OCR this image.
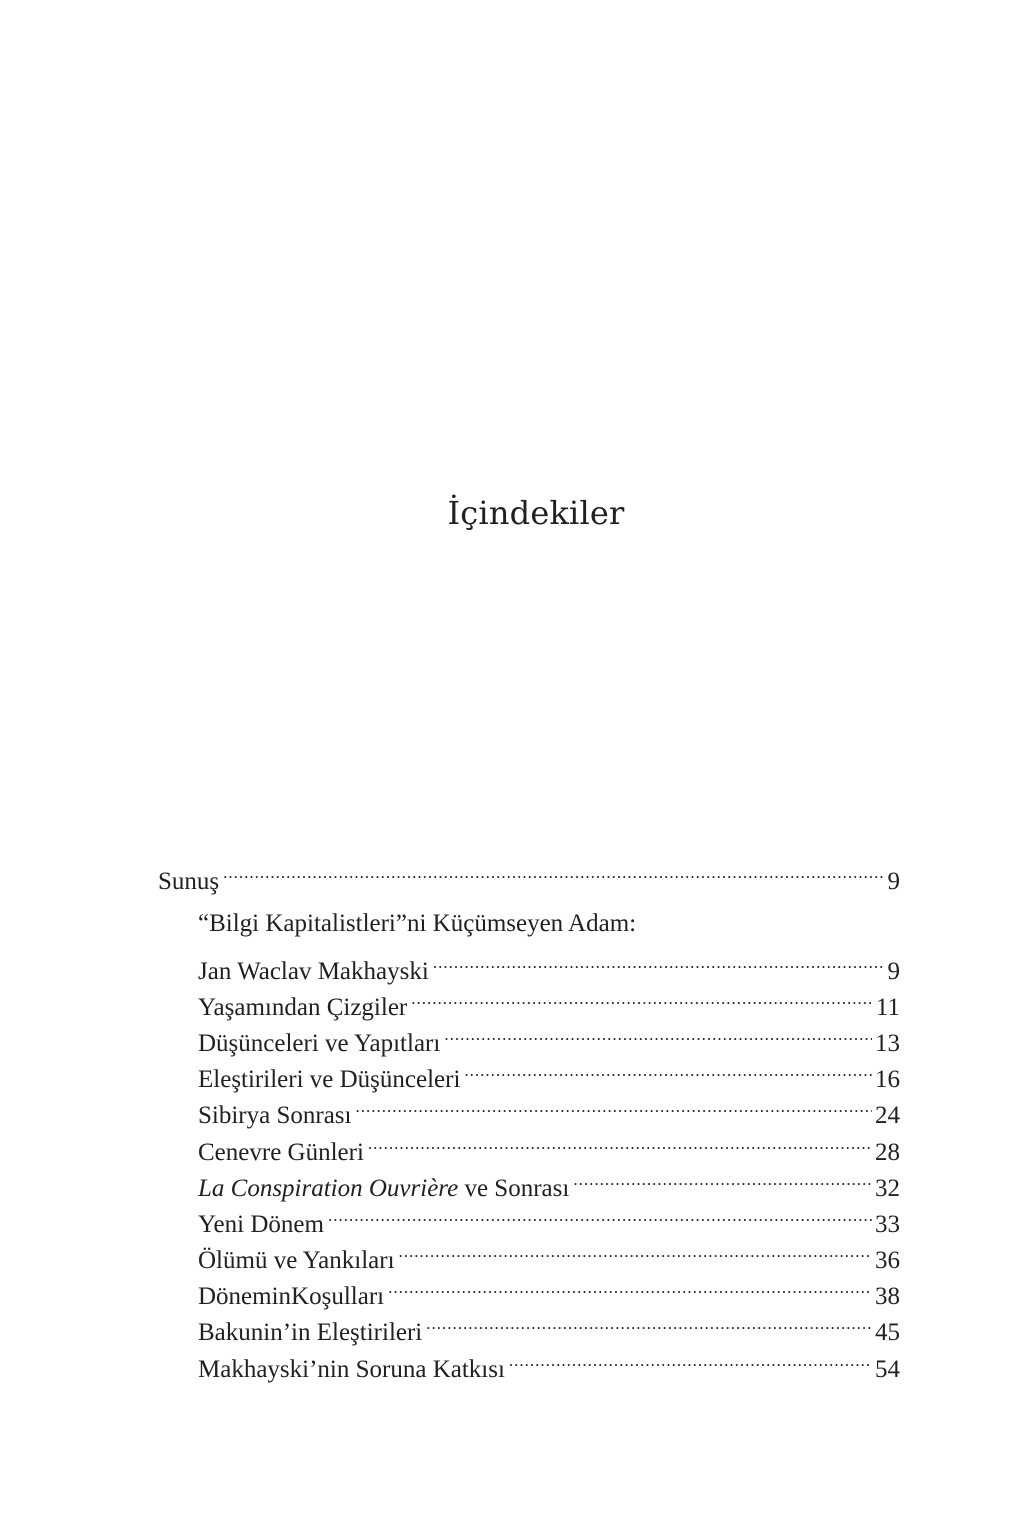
İçindekiler
Sunuş .....	9
“Bilgi Kapitalistleri”ni Küçümseyen Adam:
Jan Waclav Makhayski .....	9
Yaşamından Çizgiler .....	11
Düşünceleri ve Yapıtları .....	13
Eleştirileri ve Düşünceleri .....	16
Sibirya Sonrası .....	24
Cenevre Günleri .....	28
La Conspiration Ouvrière ve Sonrası .....	32
Yeni Dönem .....	33
Ölümü ve Yankıları .....	36
DöneminKoşulları .....	38
Bakunin’in Eleştirileri .....	45
Makhayski’nin Soruna Katkısı .....	54
